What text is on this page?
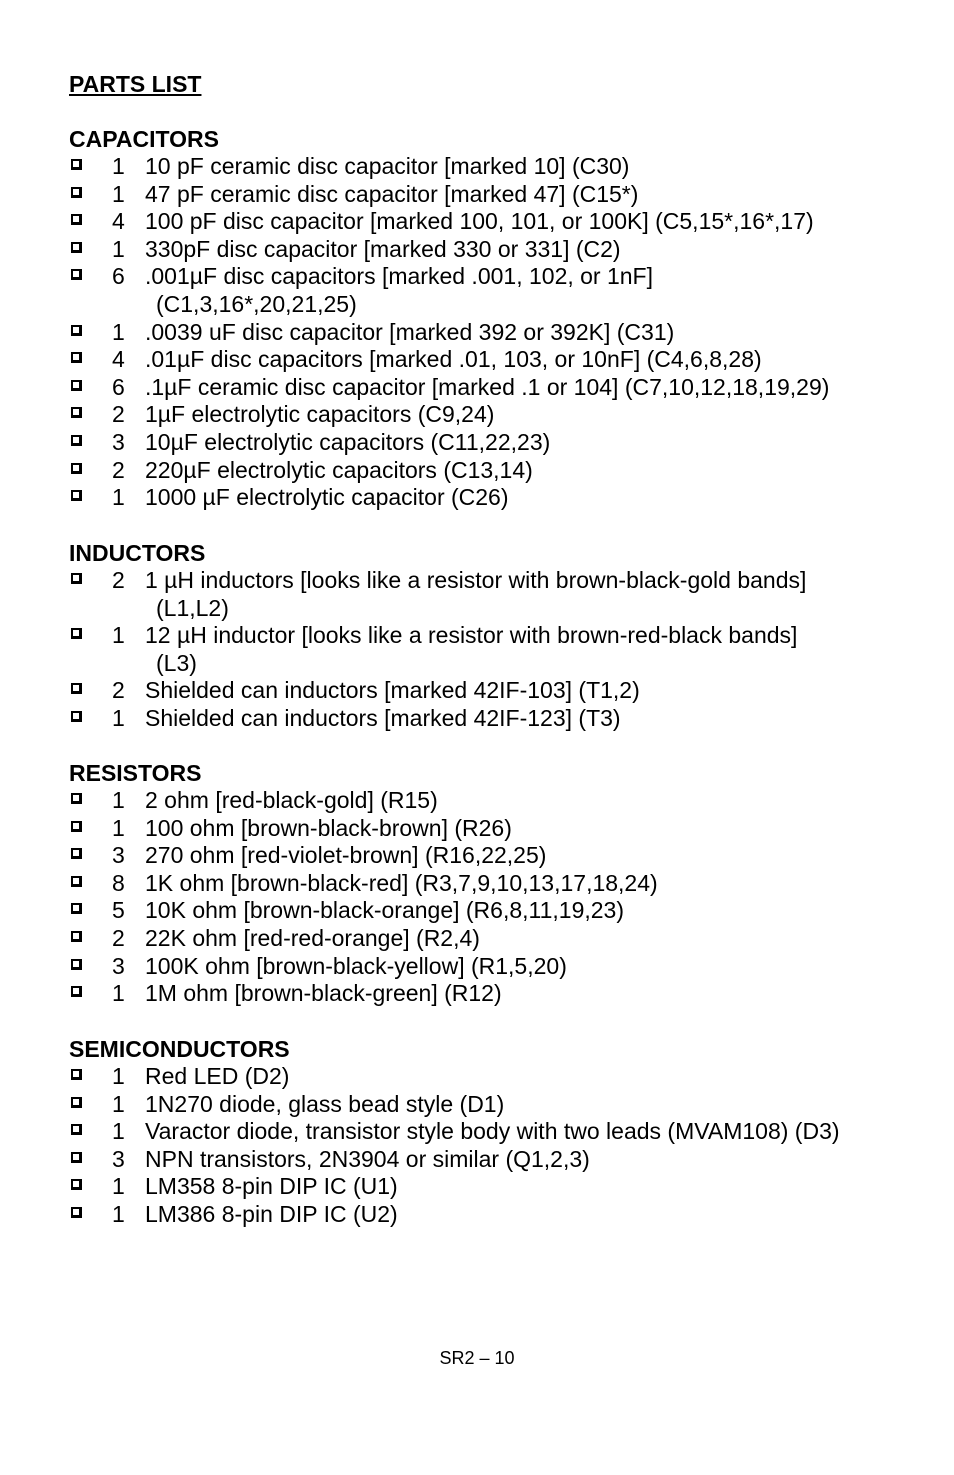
PARTS LIST
CAPACITORS
1 10 pF ceramic disc capacitor [marked 10] (C30)
1 47 pF ceramic disc capacitor [marked 47] (C15*)
4 100 pF disc capacitor [marked 100, 101, or 100K] (C5,15*,16*,17)
1 330pF disc capacitor [marked 330 or 331] (C2)
6 .001µF disc capacitors [marked .001, 102, or 1nF]
(C1,3,16*,20,21,25)
1 .0039 uF disc capacitor [marked 392 or 392K] (C31)
4 .01µF disc capacitors [marked .01, 103, or 10nF] (C4,6,8,28)
6 .1µF ceramic disc capacitor [marked .1 or 104] (C7,10,12,18,19,29)
2 1µF electrolytic capacitors (C9,24)
3 10µF electrolytic capacitors (C11,22,23)
2 220µF electrolytic capacitors (C13,14)
1 1000 µF electrolytic capacitor (C26)
INDUCTORS
2 1 µH inductors [looks like a resistor with brown-black-gold bands]
(L1,L2)
1 12 µH inductor [looks like a resistor with brown-red-black bands]
(L3)
2 Shielded can inductors [marked 42IF-103] (T1,2)
1 Shielded can inductors [marked 42IF-123] (T3)
RESISTORS
1 2 ohm [red-black-gold] (R15)
1 100 ohm [brown-black-brown] (R26)
3 270 ohm [red-violet-brown] (R16,22,25)
8 1K ohm [brown-black-red] (R3,7,9,10,13,17,18,24)
5 10K ohm [brown-black-orange] (R6,8,11,19,23)
2 22K ohm [red-red-orange] (R2,4)
3 100K ohm [brown-black-yellow] (R1,5,20)
1 1M ohm [brown-black-green] (R12)
SEMICONDUCTORS
1 Red LED (D2)
1 1N270 diode, glass bead style (D1)
1 Varactor diode, transistor style body with two leads (MVAM108) (D3)
3 NPN transistors, 2N3904 or similar (Q1,2,3)
1 LM358 8-pin DIP IC (U1)
1 LM386 8-pin DIP IC (U2)
SR2 – 10
